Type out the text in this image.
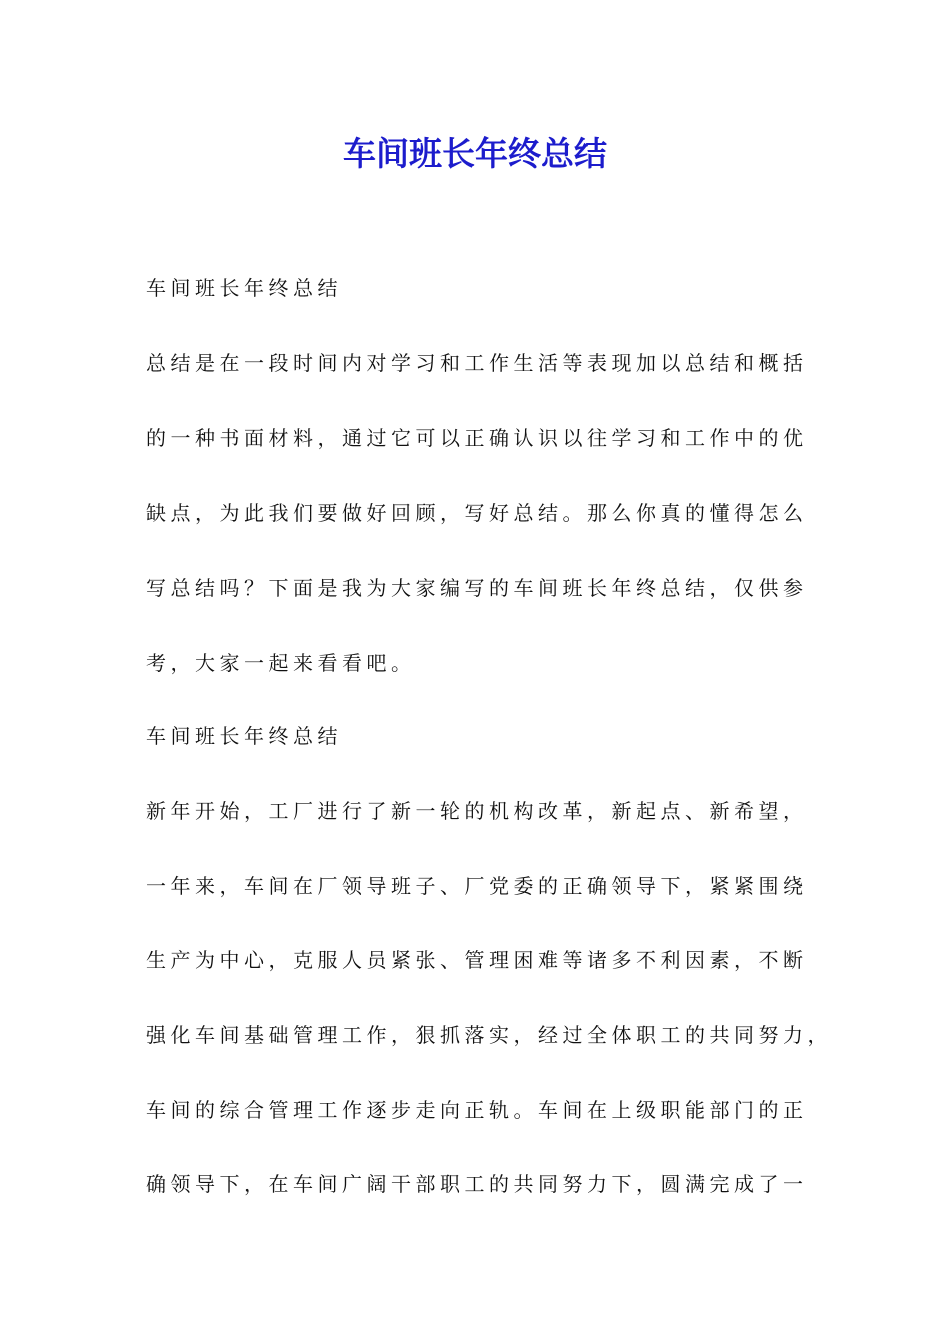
车间班长年终总结

车间班长年终总结

总结是在一段时间内对学习和工作生活等表现加以总结和概括

的一种书面材料，通过它可以正确认识以往学习和工作中的优

缺点，为此我们要做好回顾，写好总结。那么你真的懂得怎么

写总结吗？下面是我为大家编写的车间班长年终总结，仅供参

考，大家一起来看看吧。

车间班长年终总结

新年开始，工厂进行了新一轮的机构改革，新起点、新希望，

一年来，车间在厂领导班子、厂党委的正确领导下，紧紧围绕

生产为中心，克服人员紧张、管理困难等诸多不利因素，不断

强化车间基础管理工作，狠抓落实，经过全体职工的共同努力，

车间的综合管理工作逐步走向正轨。车间在上级职能部门的正

确领导下，在车间广阔干部职工的共同努力下，圆满完成了一
